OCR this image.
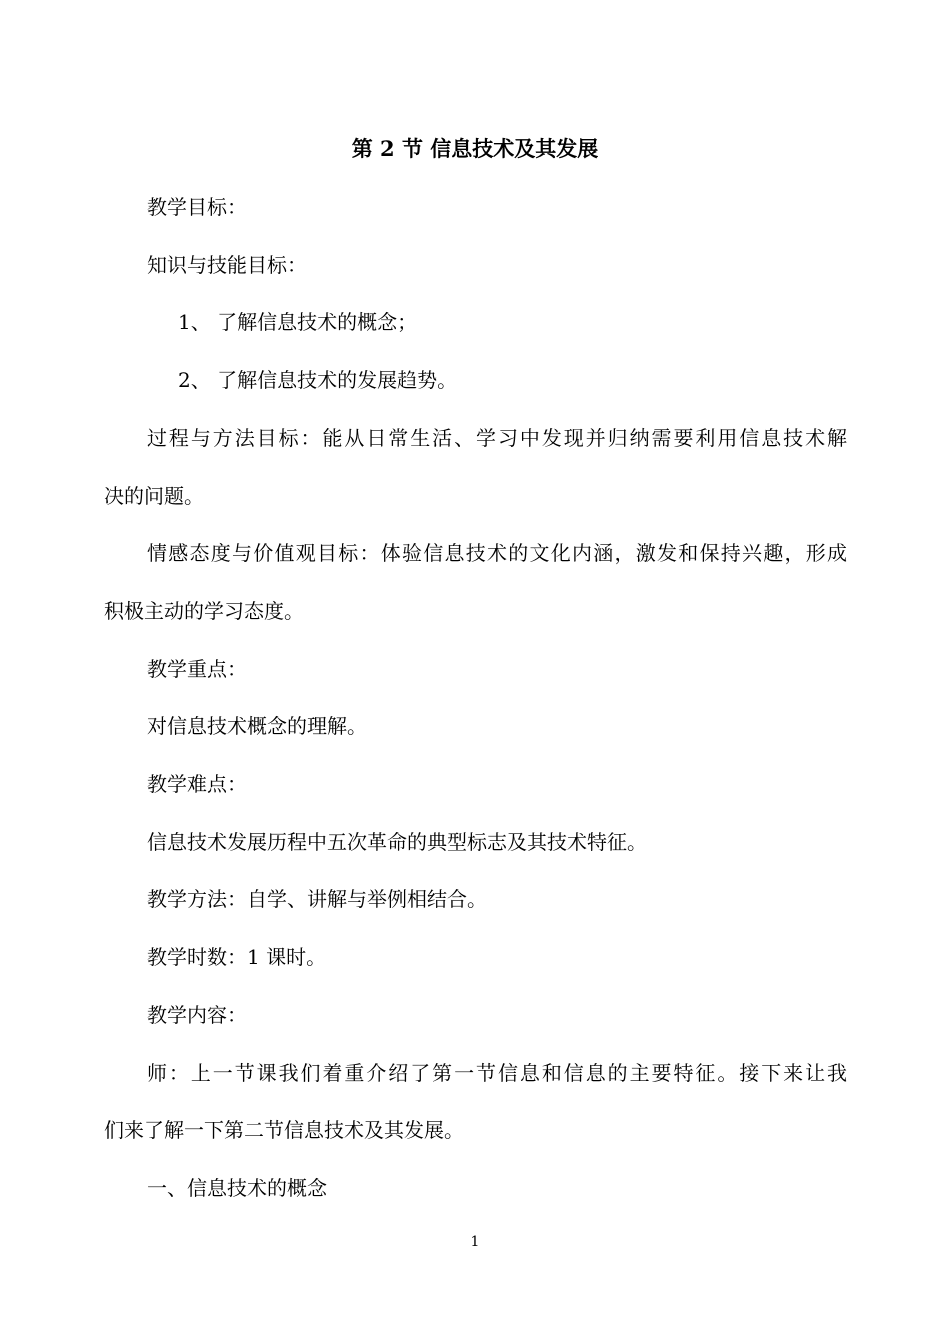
第 2 节 信息技术及其发展
教学目标：
知识与技能目标：
1、 了解信息技术的概念；
2、 了解信息技术的发展趋势。
过程与方法目标：能从日常生活、学习中发现并归纳需要利用信息技术解
决的问题。
情感态度与价值观目标：体验信息技术的文化内涵，激发和保持兴趣，形成
积极主动的学习态度。
教学重点：
对信息技术概念的理解。
教学难点：
信息技术发展历程中五次革命的典型标志及其技术特征。
教学方法：自学、讲解与举例相结合。
教学时数：1 课时。
教学内容：
师：上一节课我们着重介绍了第一节信息和信息的主要特征。接下来让我
们来了解一下第二节信息技术及其发展。
一、信息技术的概念
1
